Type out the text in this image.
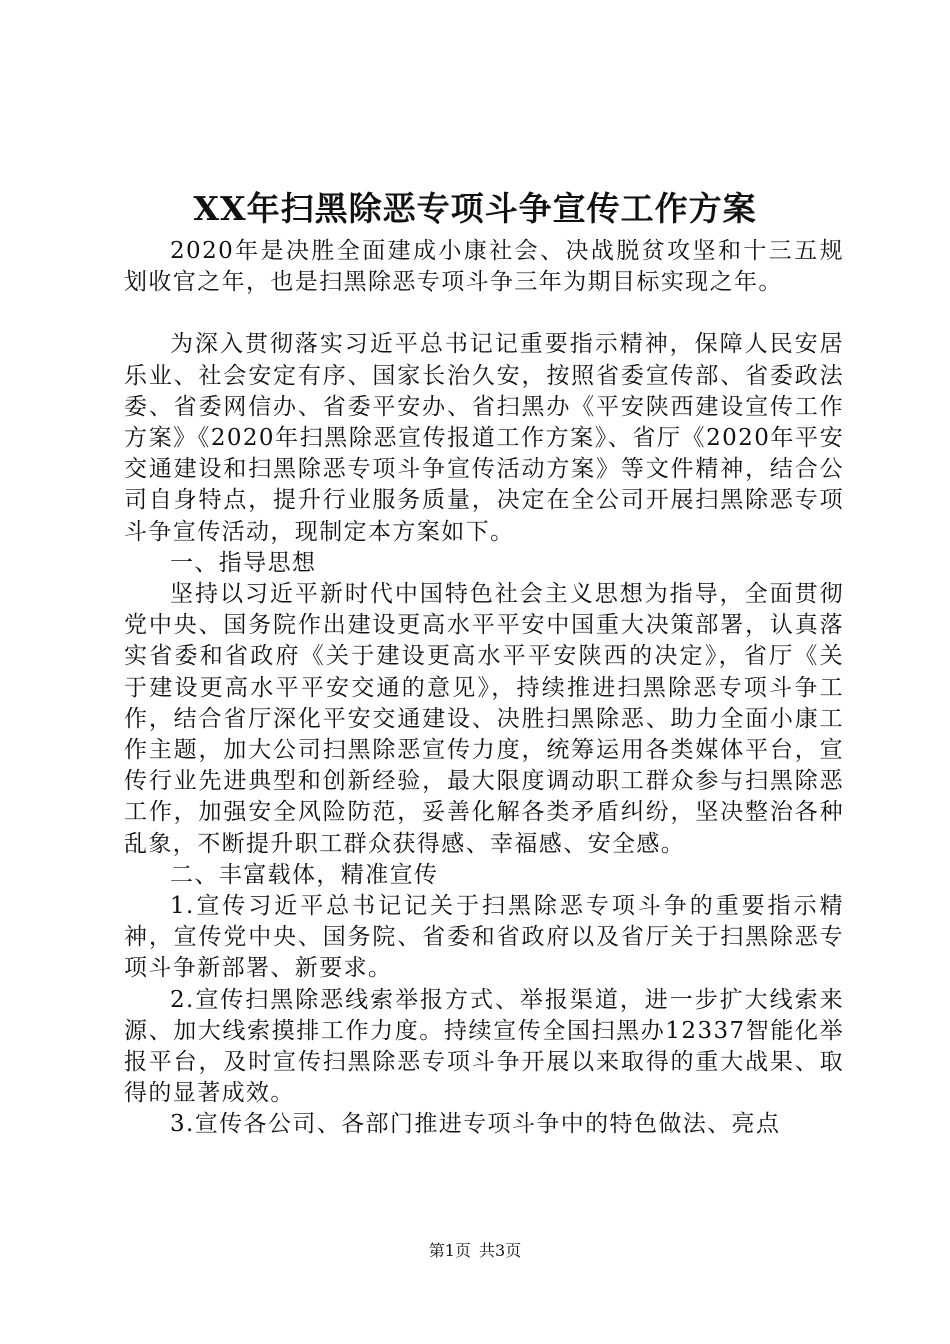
XX年扫黑除恶专项斗争宣传工作方案

2020年是决胜全面建成小康社会、决战脱贫攻坚和十三五规划收官之年，也是扫黑除恶专项斗争三年为期目标实现之年。

为深入贯彻落实习近平总书记记重要指示精神，保障人民安居乐业、社会安定有序、国家长治久安，按照省委宣传部、省委政法委、省委网信办、省委平安办、省扫黑办《平安陕西建设宣传工作方案》《2020年扫黑除恶宣传报道工作方案》、省厅《2020年平安交通建设和扫黑除恶专项斗争宣传活动方案》等文件精神，结合公司自身特点，提升行业服务质量，决定在全公司开展扫黑除恶专项斗争宣传活动，现制定本方案如下。

一、指导思想

坚持以习近平新时代中国特色社会主义思想为指导，全面贯彻党中央、国务院作出建设更高水平平安中国重大决策部署，认真落实省委和省政府《关于建设更高水平平安陕西的决定》，省厅《关于建设更高水平平安交通的意见》，持续推进扫黑除恶专项斗争工作，结合省厅深化平安交通建设、决胜扫黑除恶、助力全面小康工作主题，加大公司扫黑除恶宣传力度，统筹运用各类媒体平台，宣传行业先进典型和创新经验，最大限度调动职工群众参与扫黑除恶工作，加强安全风险防范，妥善化解各类矛盾纠纷，坚决整治各种乱象，不断提升职工群众获得感、幸福感、安全感。

二、丰富载体，精准宣传

1.宣传习近平总书记记关于扫黑除恶专项斗争的重要指示精神，宣传党中央、国务院、省委和省政府以及省厅关于扫黑除恶专项斗争新部署、新要求。

2.宣传扫黑除恶线索举报方式、举报渠道，进一步扩大线索来源、加大线索摸排工作力度。持续宣传全国扫黑办12337智能化举报平台，及时宣传扫黑除恶专项斗争开展以来取得的重大战果、取得的显著成效。

3.宣传各公司、各部门推进专项斗争中的特色做法、亮点

第1页 共3页
